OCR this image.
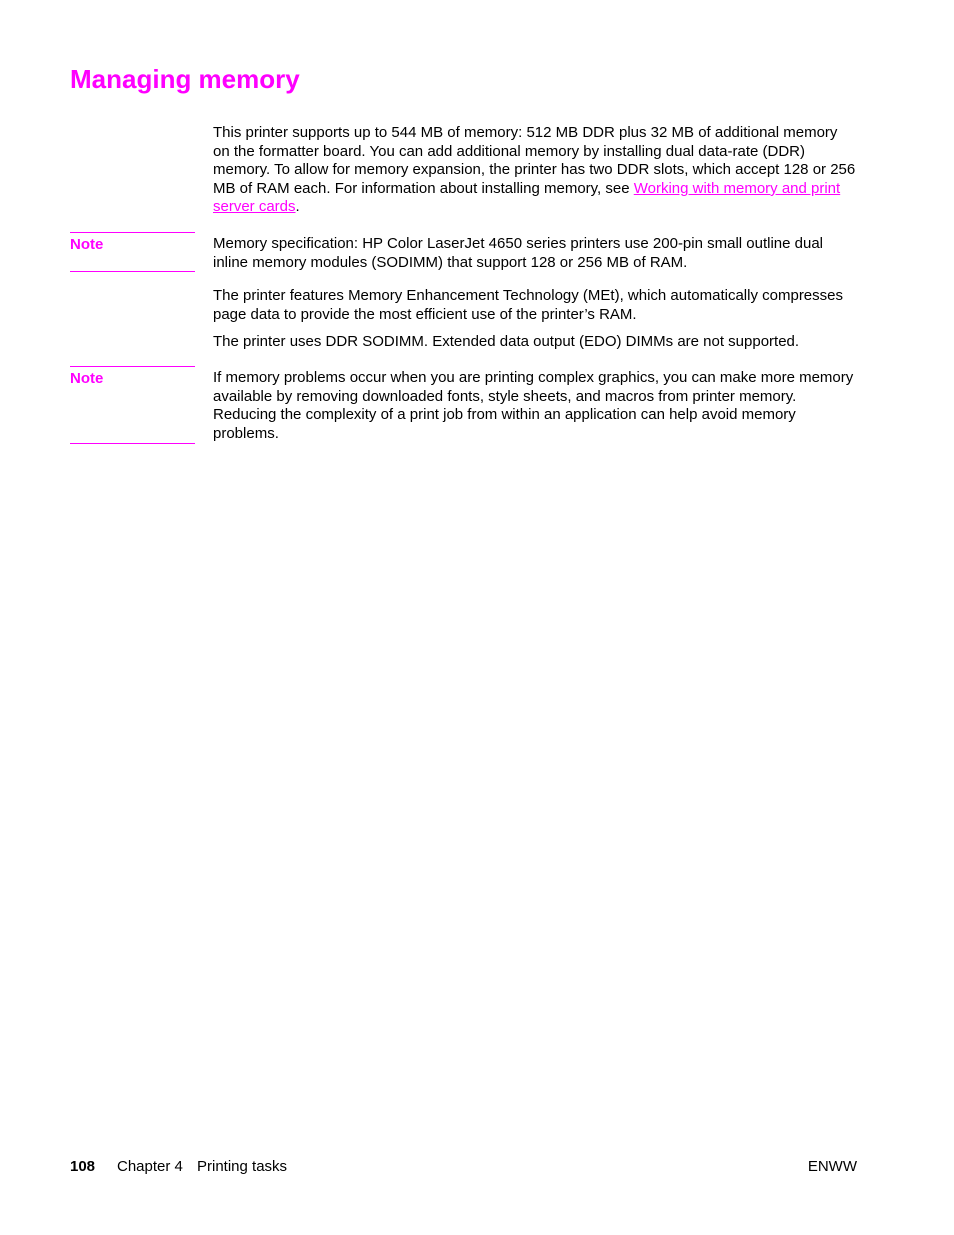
Managing memory

This printer supports up to 544 MB of memory: 512 MB DDR plus 32 MB of additional memory on the formatter board. You can add additional memory by installing dual data-rate (DDR) memory. To allow for memory expansion, the printer has two DDR slots, which accept 128 or 256 MB of RAM each. For information about installing memory, see Working with memory and print server cards.

Note	Memory specification: HP Color LaserJet 4650 series printers use 200-pin small outline dual inline memory modules (SODIMM) that support 128 or 256 MB of RAM.

The printer features Memory Enhancement Technology (MEt), which automatically compresses page data to provide the most efficient use of the printer’s RAM.

The printer uses DDR SODIMM. Extended data output (EDO) DIMMs are not supported.

Note	If memory problems occur when you are printing complex graphics, you can make more memory available by removing downloaded fonts, style sheets, and macros from printer memory. Reducing the complexity of a print job from within an application can help avoid memory problems.

108 Chapter 4 Printing tasks	ENWW
